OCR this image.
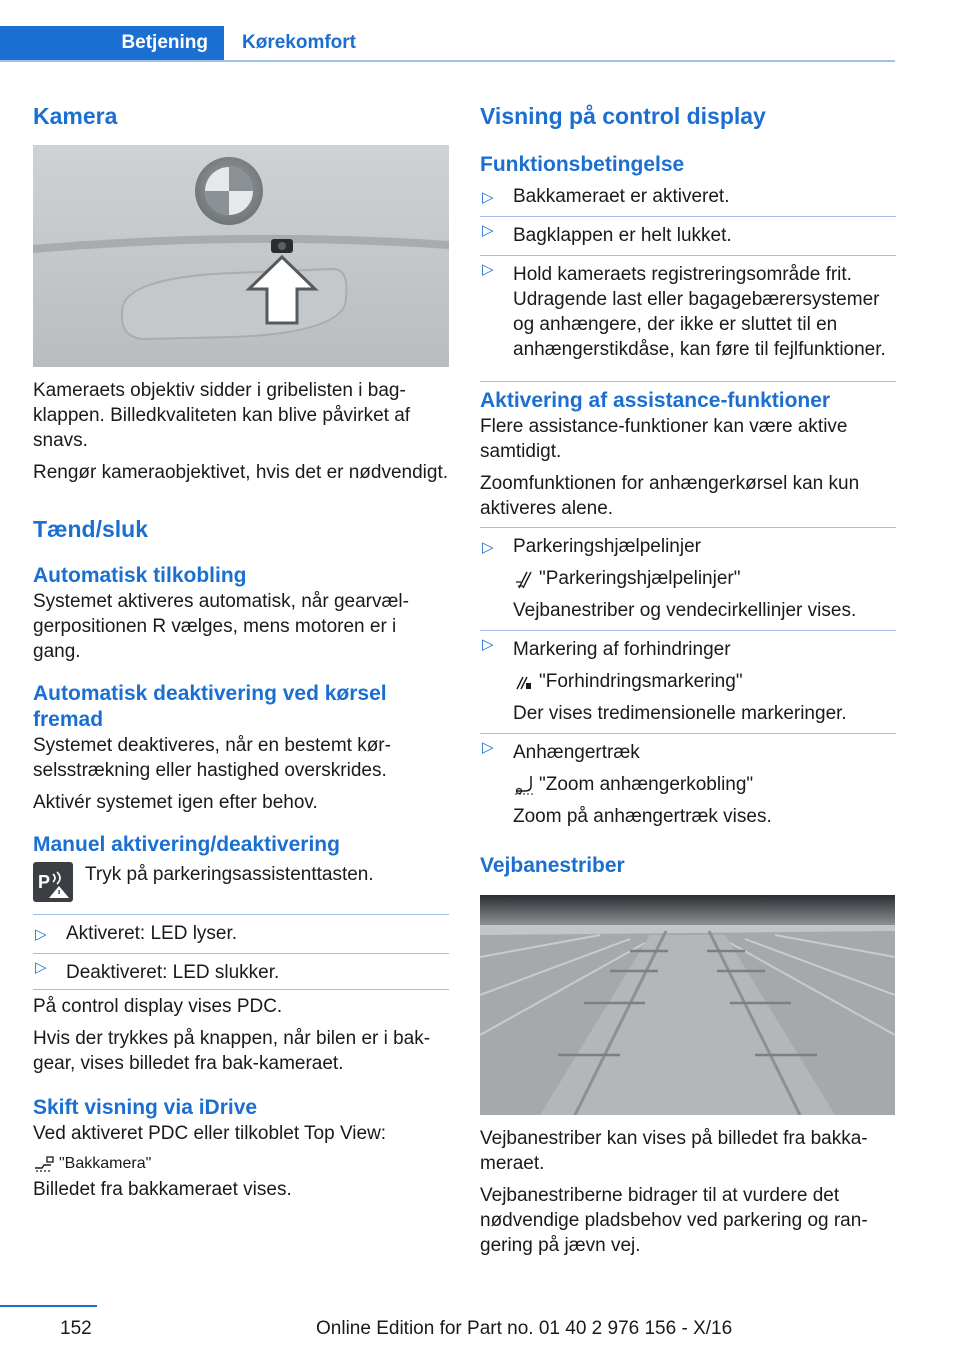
Betjening	Kørekomfort
Kamera

Kameraets objektiv sidder i gribelisten i bagklappen. Billedkvaliteten kan blive påvirket af snavs.

Rengør kameraobjektivet, hvis det er nødvendigt.

Tænd/sluk
Automatisk tilkobling

Systemet aktiveres automatisk, når gearvælgerpositionen R vælges, mens motoren er i gang.

Automatisk deaktivering ved kørsel fremad

Systemet deaktiveres, når en bestemt kørselsstrækning eller hastighed overskrides.

Aktivér systemet igen efter behov.

Manuel aktivering/deaktivering
P Tryk på parkeringsassistenttasten.

▷ Aktiveret: LED lyser.
▷ Deaktiveret: LED slukker.

På control display vises PDC.

Hvis der trykkes på knappen, når bilen er i bakgear, vises billedet fra bak-kameraet.

Skift visning via iDrive

Ved aktiveret PDC eller tilkoblet Top View:

"Bakkamera"

Billedet fra bakkameraet vises.

Visning på control display
Funktionsbetingelse
▷ Bakkameraet er aktiveret.
▷ Bagklappen er helt lukket.
▷ Hold kameraets registreringsområde frit. Udragende last eller bagagebærersystemer og anhængere, der ikke er sluttet til en anhængerstikdåse, kan føre til fejlfunktioner.
Aktivering af assistance-funktioner

Flere assistance-funktioner kan være aktive samtidigt.

Zoomfunktionen for anhængerkørsel kan kun aktiveres alene.

▷ Parkeringshjælpelinjer
"Parkeringshjælpelinjer"
Vejbanestriber og vendecirkellinjer vises.
▷ Markering af forhindringer
"Forhindringsmarkering"
Der vises tredimensionelle markeringer.
▷ Anhængertræk
"Zoom anhængerkobling"
Zoom på anhængertræk vises.
Vejbanestriber

Vejbanestriber kan vises på billedet fra bakkameraet.

Vejbanestriberne bidrager til at vurdere det nødvendige pladsbehov ved parkering og rangering på jævn vej.

152	Online Edition for Part no. 01 40 2 976 156 - X/16
